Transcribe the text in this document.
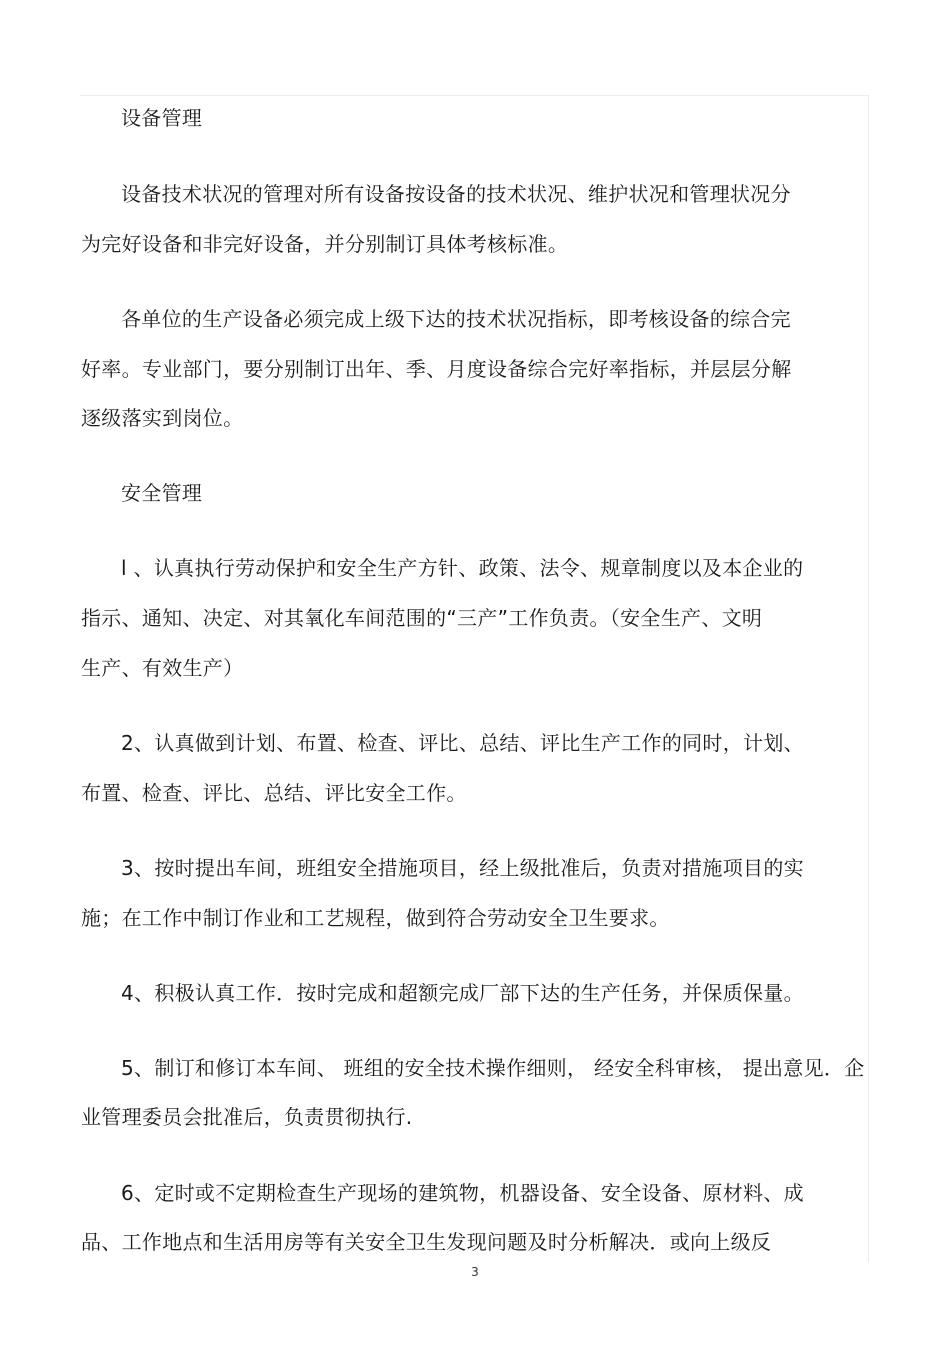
设备管理
设备技术状况的管理对所有设备按设备的技术状况、维护状况和管理状况分
为完好设备和非完好设备，并分别制订具体考核标准。
各单位的生产设备必须完成上级下达的技术状况指标，即考核设备的综合完
好率。专业部门，要分别制订出年、季、月度设备综合完好率指标，并层层分解
逐级落实到岗位。
安全管理
l 、认真执行劳动保护和安全生产方针、政策、法令、规章制度以及本企业的
指示、通知、决定、对其氧化车间范围的“三产”工作负责。（安全生产、文明
生产、有效生产）
2、认真做到计划、布置、检查、评比、总结、评比生产工作的同时，计划、
布置、检查、评比、总结、评比安全工作。
3、按时提出车间，班组安全措施项目，经上级批准后，负责对措施项目的实
施；在工作中制订作业和工艺规程，做到符合劳动安全卫生要求。
4、积极认真工作．按时完成和超额完成厂部下达的生产任务，并保质保量。
5、制订和修订本车间、 班组的安全技术操作细则， 经安全科审核， 提出意见．企
业管理委员会批准后，负责贯彻执行.
6、定时或不定期检查生产现场的建筑物，机器设备、安全设备、原材料、成
品、工作地点和生活用房等有关安全卫生发现问题及时分析解决．或向上级反
3
